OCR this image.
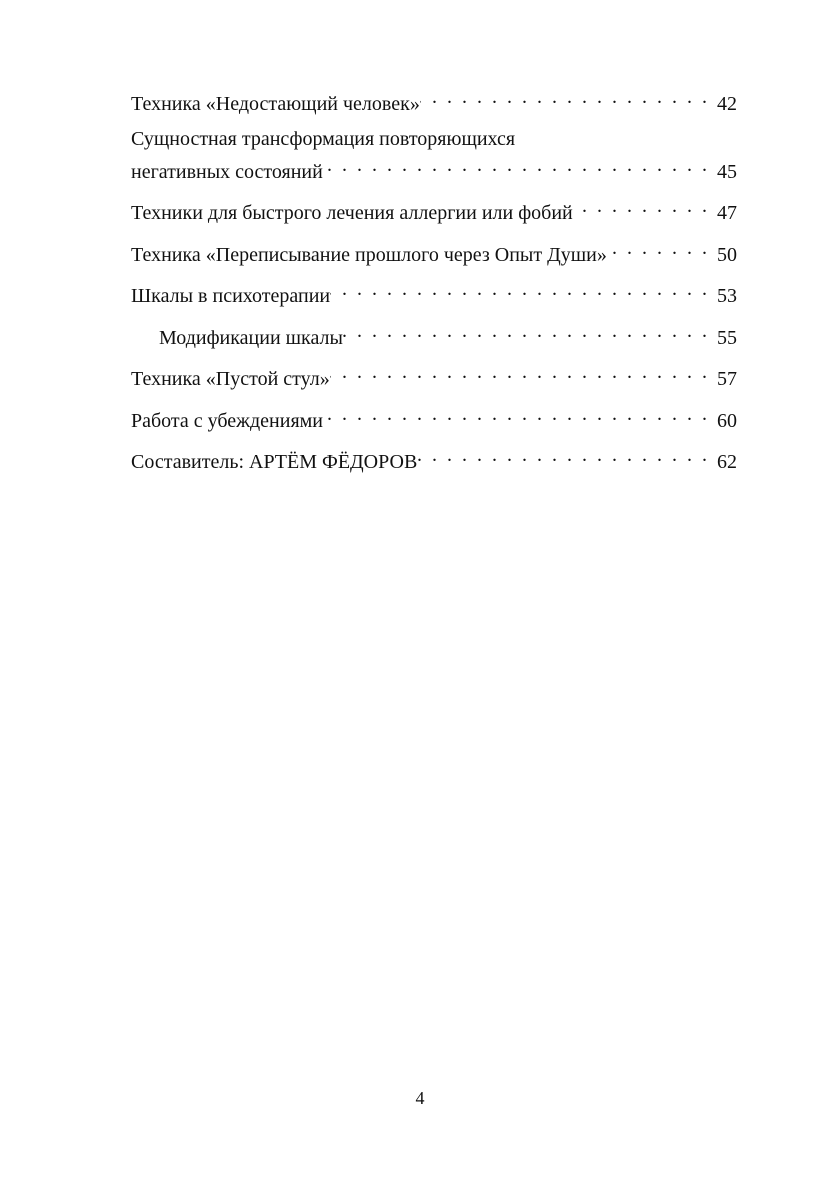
Техника «Недостающий человек» . . .	42
Сущностная трансформация повторяющихся
негативных состояний . . .	45
Техники для быстрого лечения аллергии или фобий . . .	47
Техника «Переписывание прошлого через Опыт Души» . . .	50
Шкалы в психотерапии . . .	53
Модификации шкалы . . .	55
Техника «Пустой стул» . . .	57
Работа с убеждениями . . .	60
Составитель: АРТЁМ ФЁДОРОВ . . .	62
4
